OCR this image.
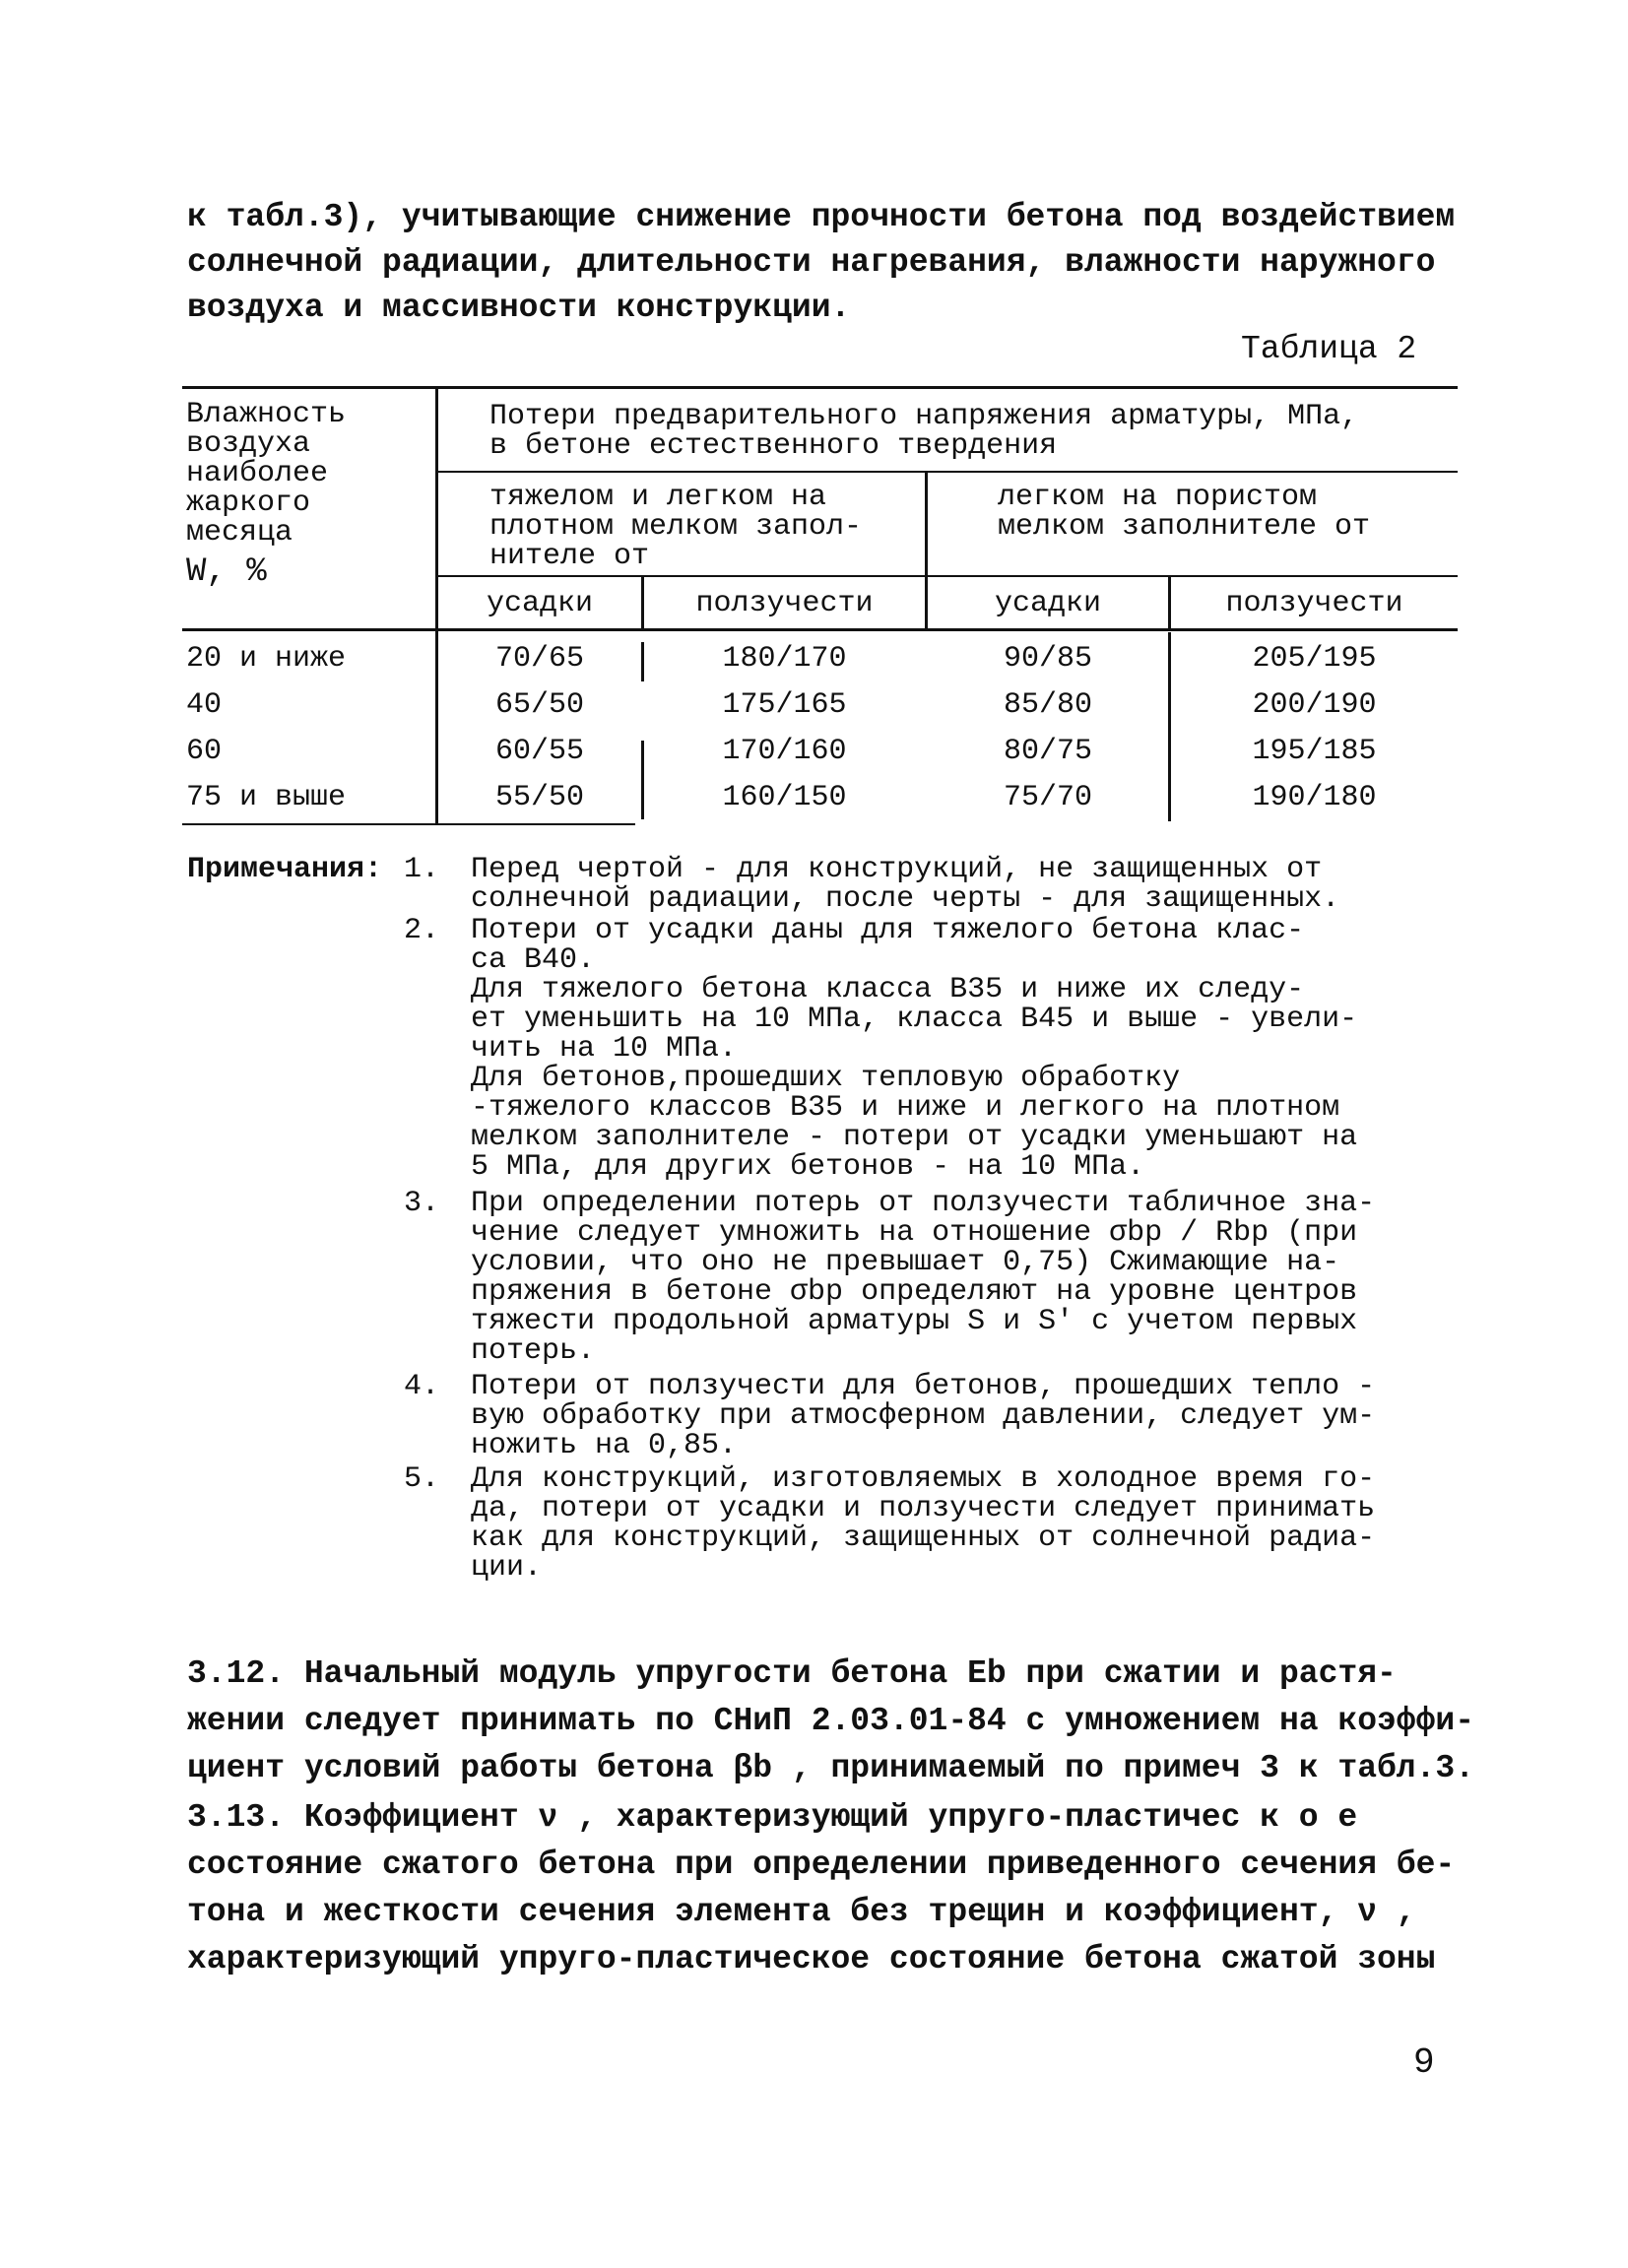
к табл.3), учитывающие снижение прочности бетона под воздействием
солнечной радиации, длительности нагревания, влажности наружного
воздуха и массивности конструкции.
Таблица 2
Влажность
воздуха
наиболее
жаркого
месяца
W, %
Потери предварительного напряжения арматуры, МПа,
в бетоне естественного твердения
тяжелом и легком на
плотном мелком запол-
нителе от
легком на пористом
мелком заполнителе от
усадки	ползучести	усадки	ползучести
20 и ниже	70/65	180/170	90/85	205/195
40	65/50	175/165	85/80	200/190
60	60/55	170/160	80/75	195/185
75 и выше	55/50	160/150	75/70	190/180
Примечания: 1.	Перед чертой - для конструкций, не защищенных от
солнечной радиации, после черты - для защищенных.
2.	Потери от усадки даны для тяжелого бетона клас-
са В40.
Для тяжелого бетона класса В35 и ниже их следу-
ет уменьшить на 10 МПа, класса В45 и выше - увели-
чить на 10 МПа.
Для бетонов,прошедших тепловую обработку
-тяжелого классов В35 и ниже и легкого на плотном
мелком заполнителе - потери от усадки уменьшают на
5 МПа, для других бетонов - на 10 МПа.
3.	При определении потерь от ползучести табличное зна-
чение следует умножить на отношение σbp / Rbp (при
условии, что оно не превышает 0,75) Сжимающие на-
пряжения в бетоне σbp определяют на уровне центров
тяжести продольной арматуры S и S' с учетом первых
потерь.
4.	Потери от ползучести для бетонов, прошедших тепло -
вую обработку при атмосферном давлении, следует ум-
ножить на 0,85.
5.	Для конструкций, изготовляемых в холодное время го-
да, потери от усадки и ползучести следует принимать
как для конструкций, защищенных от солнечной радиа-
ции.
3.12. Начальный модуль упругости бетона Eb при сжатии и растя-
жении следует принимать по СНиП 2.03.01-84 с умножением на коэффи-
циент условий работы бетона βb , принимаемый по примеч 3 к табл.3.
3.13. Коэффициент ν , характеризующий упруго-пластичес к о е
состояние сжатого бетона при определении приведенного сечения бе-
тона и жесткости сечения элемента без трещин и коэффициент, ν ,
характеризующий упруго-пластическое состояние бетона сжатой зоны
9
